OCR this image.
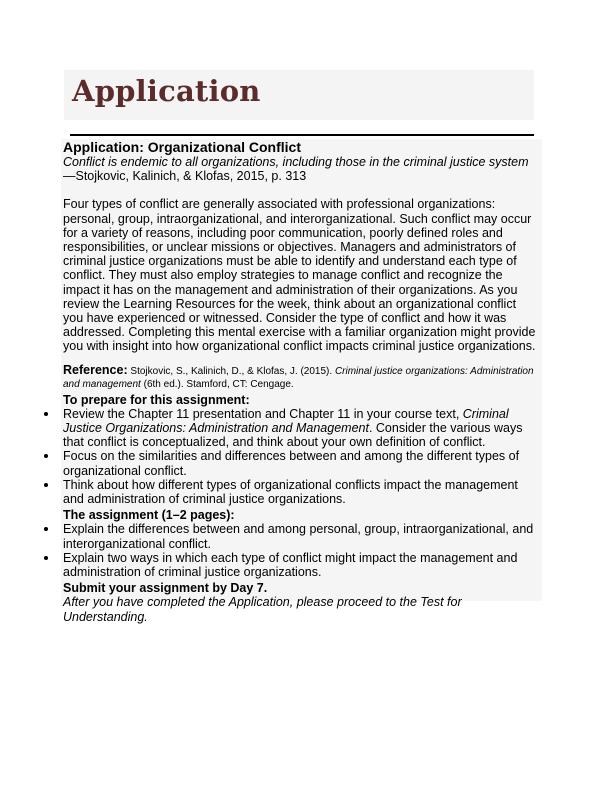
Application
Application: Organizational Conflict
Conflict is endemic to all organizations, including those in the criminal justice system
—Stojkovic, Kalinich, & Klofas, 2015, p. 313
Four types of conflict are generally associated with professional organizations: personal, group, intraorganizational, and interorganizational. Such conflict may occur for a variety of reasons, including poor communication, poorly defined roles and responsibilities, or unclear missions or objectives. Managers and administrators of criminal justice organizations must be able to identify and understand each type of conflict. They must also employ strategies to manage conflict and recognize the impact it has on the management and administration of their organizations. As you review the Learning Resources for the week, think about an organizational conflict you have experienced or witnessed. Consider the type of conflict and how it was addressed. Completing this mental exercise with a familiar organization might provide you with insight into how organizational conflict impacts criminal justice organizations.
Reference: Stojkovic, S., Kalinich, D., & Klofas, J. (2015). Criminal justice organizations: Administration and management (6th ed.). Stamford, CT: Cengage.
To prepare for this assignment:
Review the Chapter 11 presentation and Chapter 11 in your course text, Criminal Justice Organizations: Administration and Management. Consider the various ways that conflict is conceptualized, and think about your own definition of conflict.
Focus on the similarities and differences between and among the different types of organizational conflict.
Think about how different types of organizational conflicts impact the management and administration of criminal justice organizations.
The assignment (1–2 pages):
Explain the differences between and among personal, group, intraorganizational, and interorganizational conflict.
Explain two ways in which each type of conflict might impact the management and administration of criminal justice organizations.
Submit your assignment by Day 7.
After you have completed the Application, please proceed to the Test for Understanding.
